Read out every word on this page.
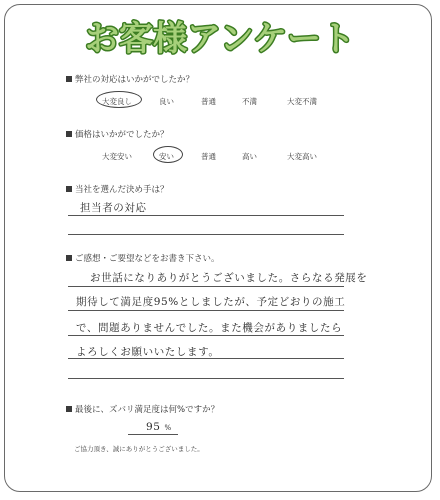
お客様アンケート
弊社の対応はいかがでしたか？
大変良し	良い	普通	不満	大変不満
価格はいかがでしたか？
大変安い	安い	普通	高い	大変高い
当社を選んだ決め手は？
担当者の対応
ご感想・ご要望などをお書き下さい。
お世話になりありがとうございました。さらなる発展を
期待して満足度95%としましたが、予定どおりの施工
で、問題ありませんでした。また機会がありましたら
よろしくお願いいたします。
最後に、ズバリ満足度は何%ですか？
95 %
ご協力頂き、誠にありがとうございました。
